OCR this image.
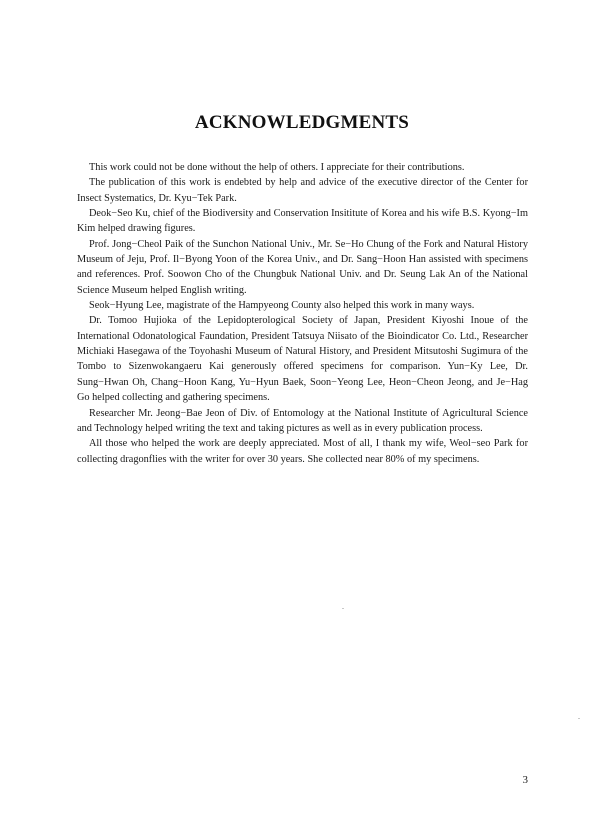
ACKNOWLEDGMENTS

This work could not be done without the help of others. I appreciate for their contributions.

The publication of this work is endebted by help and advice of the executive director of the Center for Insect Systematics, Dr. Kyu−Tek Park.

Deok−Seo Ku, chief of the Biodiversity and Conservation Insititute of Korea and his wife B.S. Kyong−Im Kim helped drawing figures.

Prof. Jong−Cheol Paik of the Sunchon National Univ., Mr. Se−Ho Chung of the Fork and Natural History Museum of Jeju, Prof. Il−Byong Yoon of the Korea Univ., and Dr. Sang−Hoon Han assisted with specimens and references. Prof. Soowon Cho of the Chungbuk National Univ. and Dr. Seung Lak An of the National Science Museum helped English writing.

Seok−Hyung Lee, magistrate of the Hampyeong County also helped this work in many ways.

Dr. Tomoo Hujioka of the Lepidopterological Society of Japan, President Kiyoshi Inoue of the International Odonatological Faundation, President Tatsuya Niisato of the Bioindicator Co. Ltd., Researcher Michiaki Hasegawa of the Toyohashi Museum of Natural History, and President Mitsutoshi Sugimura of the Tombo to Sizenwokangaeru Kai generously offered specimens for comparison. Yun−Ky Lee, Dr. Sung−Hwan Oh, Chang−Hoon Kang, Yu−Hyun Baek, Soon−Yeong Lee, Heon−Cheon Jeong, and Je−Hag Go helped collecting and gathering specimens.

Researcher Mr. Jeong−Bae Jeon of Div. of Entomology at the National Institute of Agricultural Science and Technology helped writing the text and taking pictures as well as in every publication process.

All those who helped the work are deeply appreciated. Most of all, I thank my wife, Weol−seo Park for collecting dragonflies with the writer for over 30 years. She collected near 80% of my specimens.

3
